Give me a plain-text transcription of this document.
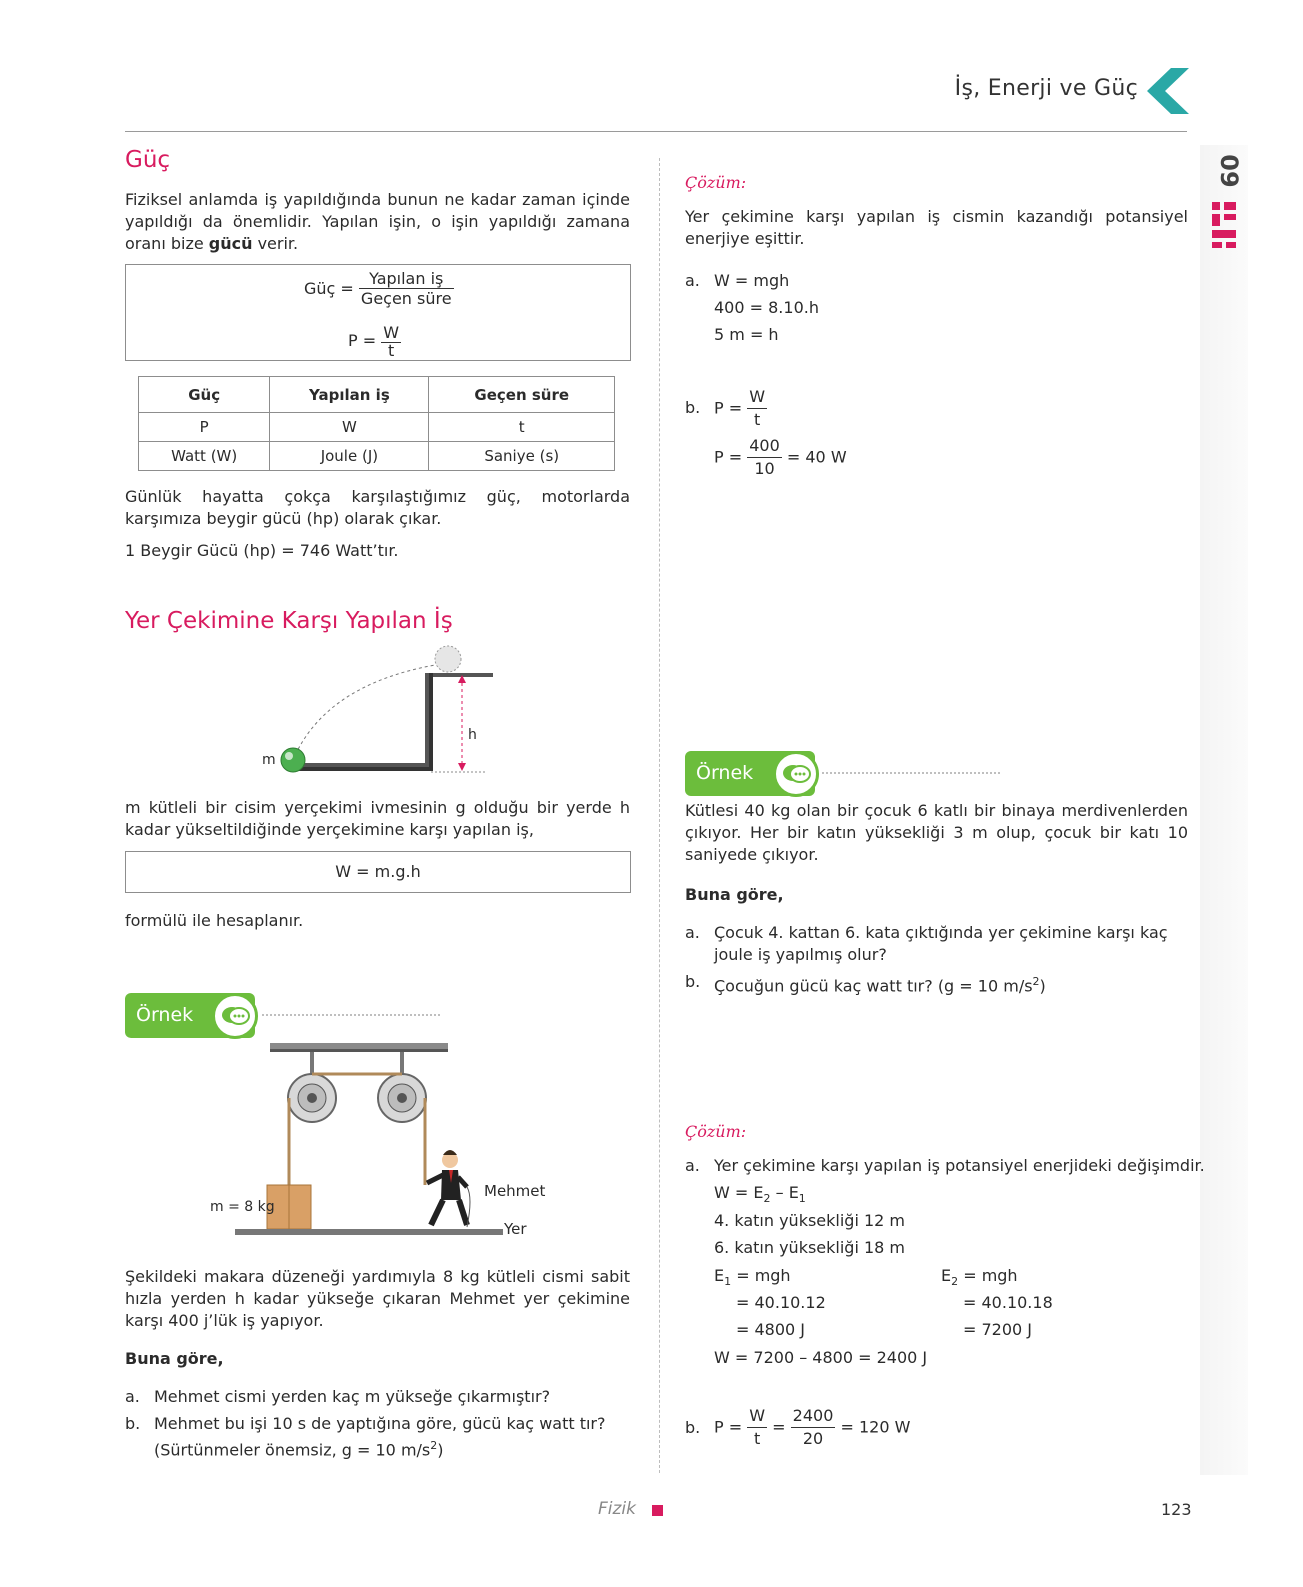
İş, Enerji ve Güç
09
Güç
Fiziksel anlamda iş yapıldığında bunun ne kadar zaman içinde yapıldığı da önemlidir. Yapılan işin, o işin yapıldığı zamana oranı bize gücü verir.
Güç = $\frac{\text{Yapılan iş}}{\text{Geçen süre}}$
$P = \frac{W}{t}$
Güç	Yapılan iş	Geçen süre
P	W	t
Watt (W)	Joule (J)	Saniye (s)
Günlük hayatta çokça karşılaştığımız güç, motorlarda karşımıza beygir gücü (hp) olarak çıkar.
1 Beygir Gücü (hp) = 746 Watt’tır.
Yer Çekimine Karşı Yapılan İş
m
h
m kütleli bir cisim yerçekimi ivmesinin g olduğu bir yerde h kadar yükseltildiğinde yerçekimine karşı yapılan iş,
W = m.g.h
formülü ile hesaplanır.
Örnek
m = 8 kg
Mehmet
Yer
Şekildeki makara düzeneği yardımıyla 8 kg kütleli cismi sabit hızla yerden h kadar yükseğe çıkaran Mehmet yer çekimine karşı 400 j’lük iş yapıyor.
Buna göre,
a. Mehmet cismi yerden kaç m yükseğe çıkarmıştır?
b. Mehmet bu işi 10 s de yaptığına göre, gücü kaç watt tır?
(Sürtünmeler önemsiz, g = 10 $m/s^2$)
Çözüm:
Yer çekimine karşı yapılan iş cismin kazandığı potansiyel enerjiye eşittir.
a. W = mgh
400 = 8.10.h
5 m = h
b. $P = \frac{W}{t}$
$P = \frac{400}{10} = 40$ W
Örnek
Kütlesi 40 kg olan bir çocuk 6 katlı bir binaya merdivenlerden çıkıyor. Her bir katın yüksekliği 3 m olup, çocuk bir katı 10 saniyede çıkıyor.
Buna göre,
a. Çocuk 4. kattan 6. kata çıktığında yer çekimine karşı kaç joule iş yapılmış olur?
b. Çocuğun gücü kaç watt tır? (g = 10 $m/s^2$)
Çözüm:
a. Yer çekimine karşı yapılan iş potansiyel enerjideki değişimdir.
$W = E_2 - E_1$
4. katın yüksekliği 12 m
6. katın yüksekliği 18 m
$E_1$ = mgh
= 40.10.12
= 4800 J
$E_2$ = mgh
= 40.10.18
= 7200 J
W = 7200 – 4800 = 2400 J
b. $P = \frac{W}{t} = \frac{2400}{20} = 120$ W
Fizik	123
